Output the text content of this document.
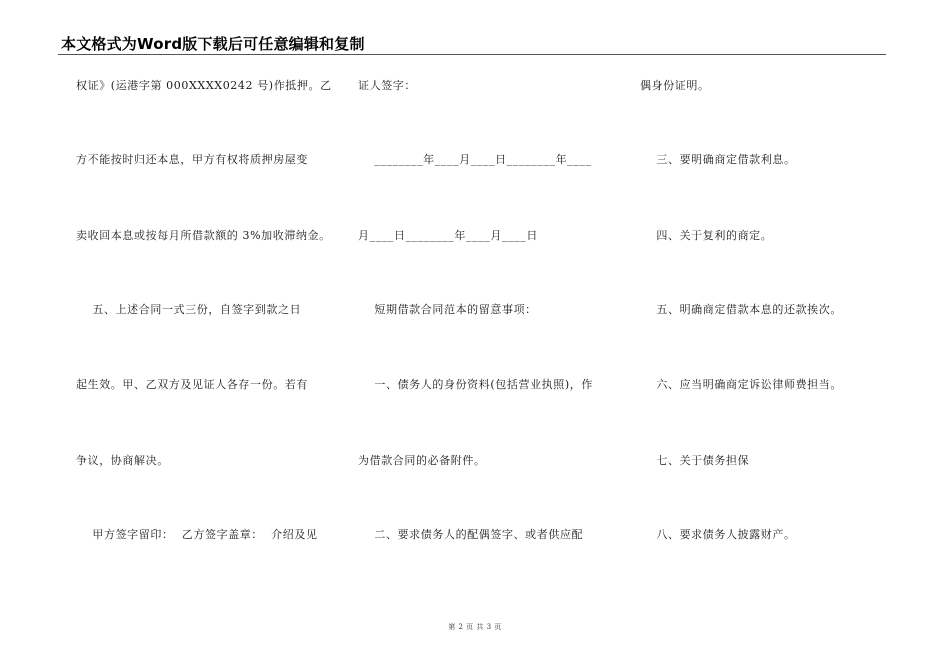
本文格式为Word版下载后可任意编辑和复制
权证》(运港字第 000XXXX0242 号)作抵押。乙
方不能按时归还本息，甲方有权将质押房屋变
卖收回本息或按每月所借款额的 3%加收滞纳金。
五、上述合同一式三份，自签字到款之日
起生效。甲、乙双方及见证人各存一份。若有
争议，协商解决。
甲方签字留印：  乙方签字盖章：  介绍及见
证人签字：
________年____月____日________年____
月____日________年____月____日
短期借款合同范本的留意事项：
一、债务人的身份资料(包括营业执照)，作
为借款合同的必备附件。
二、要求债务人的配偶签字、或者供应配
偶身份证明。
三、要明确商定借款利息。
四、关于复利的商定。
五、明确商定借款本息的还款挨次。
六、应当明确商定诉讼律师费担当。
七、关于债务担保
八、要求债务人披露财产。
第 2 页 共 3 页
